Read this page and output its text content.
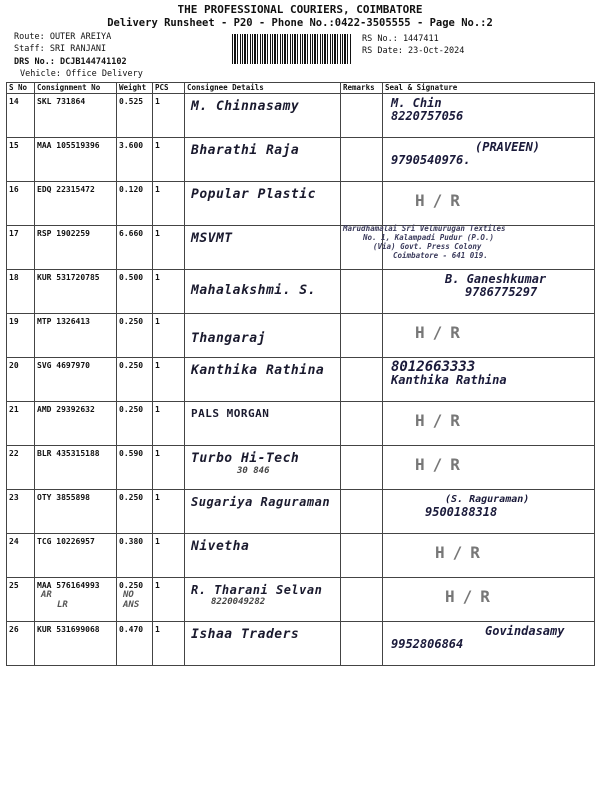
THE PROFESSIONAL COURIERS, COIMBATORE
Delivery Runsheet - P20 - Phone No.:0422-3505555 - Page No.:2
Route: OUTER AREIYA
Staff: SRI RANJANI
DRS No.: DCJB144741102
Vehicle: Office Delivery
RS No.: 1447411
RS Date: 23-Oct-2024
S No	Consignment No	Weight	PCS	Consignee Details	Remarks	Seal & Signature
14	SKL 731864	0.525	1	M. Chinnasamy		M. Chin
8220757056

15	MAA 105519396	3.600	1	Bharathi Raja		(PRAVEEN)
9790540976.

16	EDQ 22315472	0.120	1	Popular Plastic		H/R

17	RSP 1902259	6.660	1	MSVMT		Marudhamalai Sri Velmurugan Textiles
No. 1, Kalampadi Pudur (P.O.)
(Via) Govt. Press Colony
Coimbatore - 641 019.

18	KUR 531720785	0.500	1	Mahalakshmi. S.		B. Ganeshkumar
9786775297

19	MTP 1326413	0.250	1	Thangaraj		H/R

20	SVG 4697970	0.250	1	Kanthika Rathina		8012663333
Kanthika Rathina

21	AMD 29392632	0.250	1	PALS MORGAN		H/R

22	BLR 435315188	0.590	1	Turbo Hi-Tech
30 846		H/R

23	OTY 3855898	0.250	1	Sugariya Raguraman		(S. Raguraman)
9500188318

24	TCG 10226957	0.380	1	Nivetha		H/R

25	MAA 576164993
AR
LR	0.250
NO
ANS	1	R. Tharani Selvan
8220049282		H/R

26	KUR 531699068	0.470	1	Ishaa Traders		Govindasamy
9952806864
